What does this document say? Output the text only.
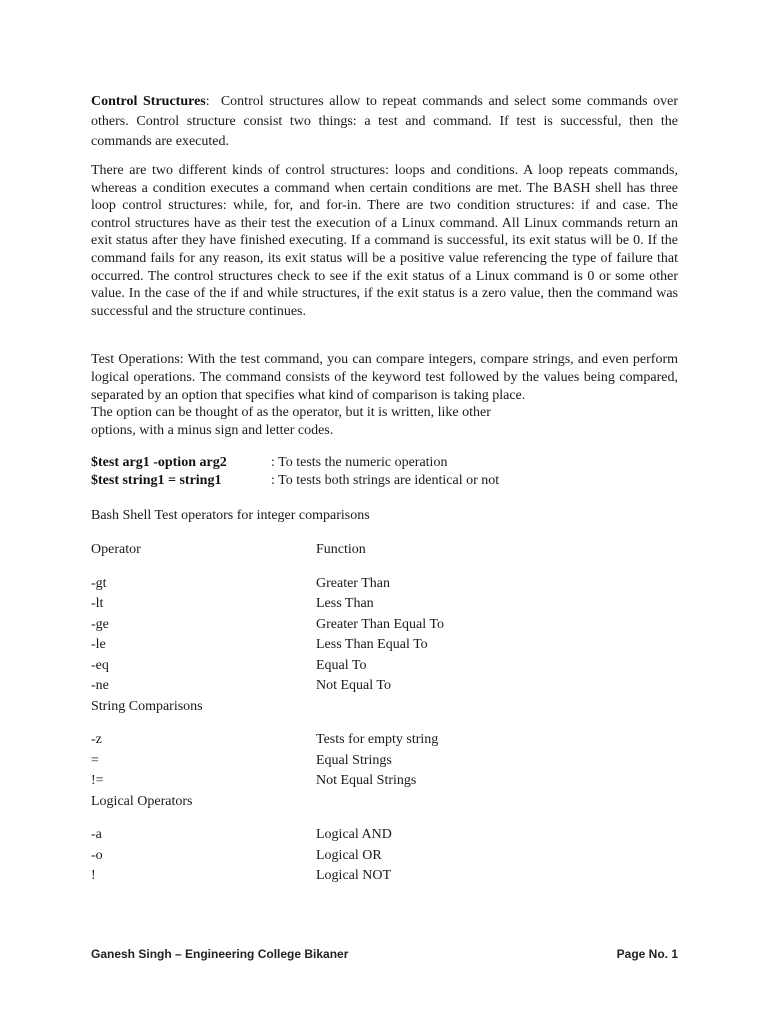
Control Structures: Control structures allow to repeat commands and select some commands over others. Control structure consist two things: a test and command. If test is successful, then the commands are executed.

There are two different kinds of control structures: loops and conditions. A loop repeats commands, whereas a condition executes a command when certain conditions are met. The BASH shell has three loop control structures: while, for, and for-in. There are two condition structures: if and case. The control structures have as their test the execution of a Linux command. All Linux commands return an exit status after they have finished executing. If a command is successful, its exit status will be 0. If the command fails for any reason, its exit status will be a positive value referencing the type of failure that occurred. The control structures check to see if the exit status of a Linux command is 0 or some other value. In the case of the if and while structures, if the exit status is a zero value, then the command was successful and the structure continues.

Test Operations: With the test command, you can compare integers, compare strings, and even perform logical operations. The command consists of the keyword test followed by the values being compared, separated by an option that specifies what kind of comparison is taking place.

The option can be thought of as the operator, but it is written, like other

options, with a minus sign and letter codes.

$test arg1 -option arg2	: To tests the numeric operation
$test string1 = string1	: To tests both strings are identical or not

Bash Shell Test operators for integer comparisons

Operator	Function
-gt	Greater Than
-lt	Less Than
-ge	Greater Than Equal To
-le	Less Than Equal To
-eq	Equal To
-ne	Not Equal To
String Comparisons
-z	Tests for empty string
=	Equal Strings
!=	Not Equal Strings
Logical Operators
-a	Logical AND
-o	Logical OR
!	Logical NOT
Ganesh Singh – Engineering College Bikaner	Page No. 1
